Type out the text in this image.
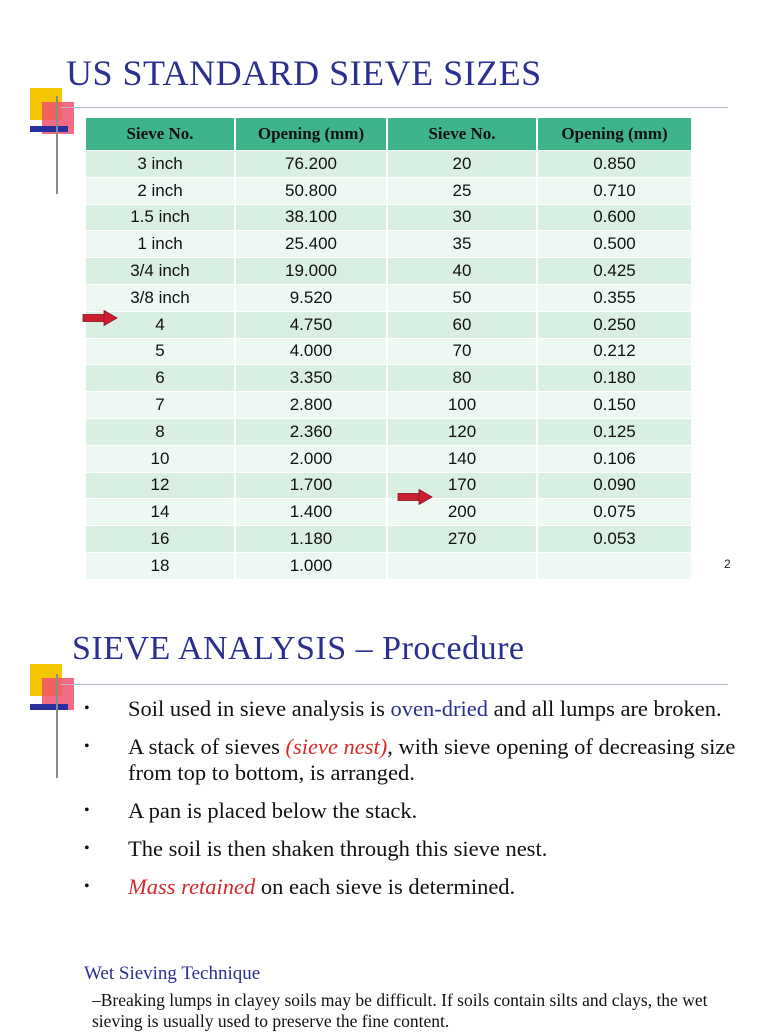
US STANDARD SIEVE SIZES
Sieve No.	Opening (mm)	Sieve No.	Opening (mm)
3 inch	76.200	20	0.850
2 inch	50.800	25	0.710
1.5 inch	38.100	30	0.600
1 inch	25.400	35	0.500
3/4 inch	19.000	40	0.425
3/8 inch	9.520	50	0.355
4	4.750	60	0.250
5	4.000	70	0.212
6	3.350	80	0.180
7	2.800	100	0.150
8	2.360	120	0.125
10	2.000	140	0.106
12	1.700	170	0.090
14	1.400	200	0.075
16	1.180	270	0.053
18	1.000			2
SIEVE ANALYSIS – Procedure
• Soil used in sieve analysis is oven-dried and all lumps are broken.
• A stack of sieves (sieve nest), with sieve opening of decreasing size from top to bottom, is arranged.
• A pan is placed below the stack.
• The soil is then shaken through this sieve nest.
• Mass retained on each sieve is determined.
Wet Sieving Technique
–Breaking lumps in clayey soils may be difficult. If soils contain silts and clays, the wet sieving is usually used to preserve the fine content.
